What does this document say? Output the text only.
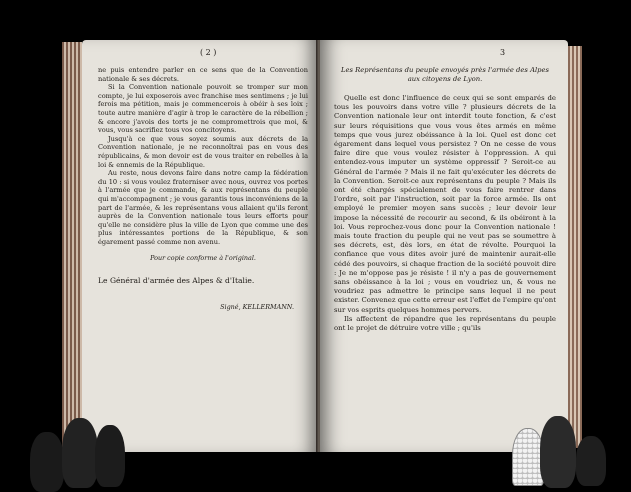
( 2 )

ne puis entendre parler en ce sens que de la Convention nationale & ses décrets.

Si la Convention nationale pouvoit se tromper sur mon compte, je lui exposerois avec franchise mes sentimens ; je lui ferois ma pétition, mais je commencerois à obéir à ses loix ; toute autre manière d'agir à trop le caractère de la rébellion ; & encore j'avois des torts je ne compromettrois que moi, & vous, vous sacrifiez tous vos concitoyens.

Jusqu'à ce que vous soyez soumis aux décrets de la Convention nationale, je ne reconnoîtrai pas en vous des républicains, & mon devoir est de vous traiter en rebelles à la loi & ennemis de la République.

Au reste, nous devons faire dans notre camp la fédération du 10 : si vous voulez fraterniser avec nous, ouvrez vos portes à l'armée que je commande, & aux représentans du peuple qui m'accompagnent ; je vous garantis tous inconvéniens de la part de l'armée, & les représentans vous allaient qu'ils feront auprès de la Convention nationale tous leurs efforts pour qu'elle ne considère plus la ville de Lyon que comme une des plus intéressantes portions de la République, & son égarement passé comme non avenu.

Pour copie conforme à l'original.
Le Général d'armée des Alpes & d'Italie.
Signé, KELLERMANN.
3
Les Représentans du peuple envoyés près l'armée des Alpes aux citoyens de Lyon.

Quelle est donc l'influence de ceux qui se sont emparés de tous les pouvoirs dans votre ville ? plusieurs décrets de la Convention nationale leur ont interdit toute fonction, & c'est sur leurs réquisitions que vous vous êtes armés en même temps que vous jurez obéissance à la loi. Quel est donc cet égarement dans lequel vous persistez ? On ne cesse de vous faire dire que vous voulez résister à l'oppression. A qui entendez-vous imputer un système oppressif ? Seroit-ce au Général de l'armée ? Mais il ne fait qu'exécuter les décrets de la Convention. Seroit-ce aux représentans du peuple ? Mais ils ont été chargés spécialement de vous faire rentrer dans l'ordre, soit par l'instruction, soit par la force armée. Ils ont employé le premier moyen sans succès ; leur devoir leur impose la nécessité de recourir au second, & ils obéiront à la loi. Vous reprochez-vous donc pour la Convention nationale ! mais toute fraction du peuple qui ne veut pas se soumettre à ses décrets, est, dès lors, en état de révolte. Pourquoi la confiance que vous dites avoir juré de maintenir aurait-elle cédé des pouvoirs, si chaque fraction de la société pouvoit dire : Je ne m'oppose pas je résiste ! il n'y a pas de gouvernement sans obéissance à la loi ; vous en voudriez un, & vous ne voudriez pas admettre le principe sans lequel il ne peut exister. Convenez que cette erreur est l'effet de l'empire qu'ont sur vos esprits quelques hommes pervers.

Ils affectent de répandre que les représentans du peuple ont le projet de détruire votre ville ; qu'ils
